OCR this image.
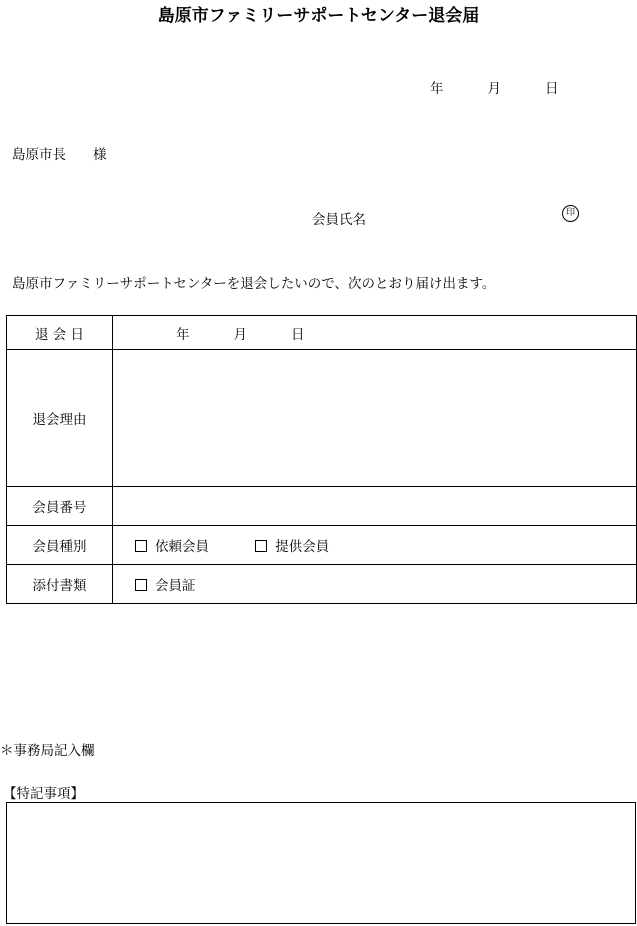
島原市ファミリーサポートセンター退会届
年	月	日
島原市長　　様
会員氏名	印
島原市ファミリーサポートセンターを退会したいので、次のとおり届け出ます。
退 会 日	年 月 日
退会理由	
会員番号	
会員種別	依頼会員 提供会員
添付書類	会員証
＊事務局記入欄
【特記事項】
